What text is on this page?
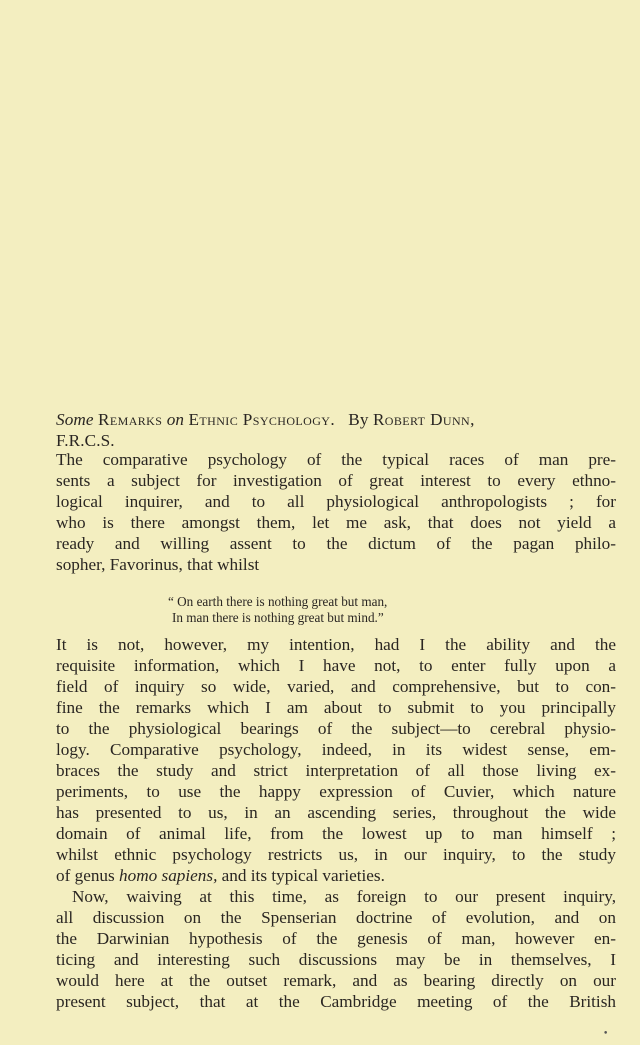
Some Remarks on Ethnic Psychology. By Robert Dunn,
F.R.C.S.
The comparative psychology of the typical races of man pre-
sents a subject for investigation of great interest to every ethno-
logical inquirer, and to all physiological anthropologists ; for
who is there amongst them, let me ask, that does not yield a
ready and willing assent to the dictum of the pagan philo-
sopher, Favorinus, that whilst
“ On earth there is nothing great but man,
In man there is nothing great but mind.”
It is not, however, my intention, had I the ability and the
requisite information, which I have not, to enter fully upon a
field of inquiry so wide, varied, and comprehensive, but to con-
fine the remarks which I am about to submit to you principally
to the physiological bearings of the subject—to cerebral physio-
logy. Comparative psychology, indeed, in its widest sense, em-
braces the study and strict interpretation of all those living ex-
periments, to use the happy expression of Cuvier, which nature
has presented to us, in an ascending series, throughout the wide
domain of animal life, from the lowest up to man himself ;
whilst ethnic psychology restricts us, in our inquiry, to the study
of genus homo sapiens, and its typical varieties.
Now, waiving at this time, as foreign to our present inquiry,
all discussion on the Spenserian doctrine of evolution, and on
the Darwinian hypothesis of the genesis of man, however en-
ticing and interesting such discussions may be in themselves, I
would here at the outset remark, and as bearing directly on our
present subject, that at the Cambridge meeting of the British
•
